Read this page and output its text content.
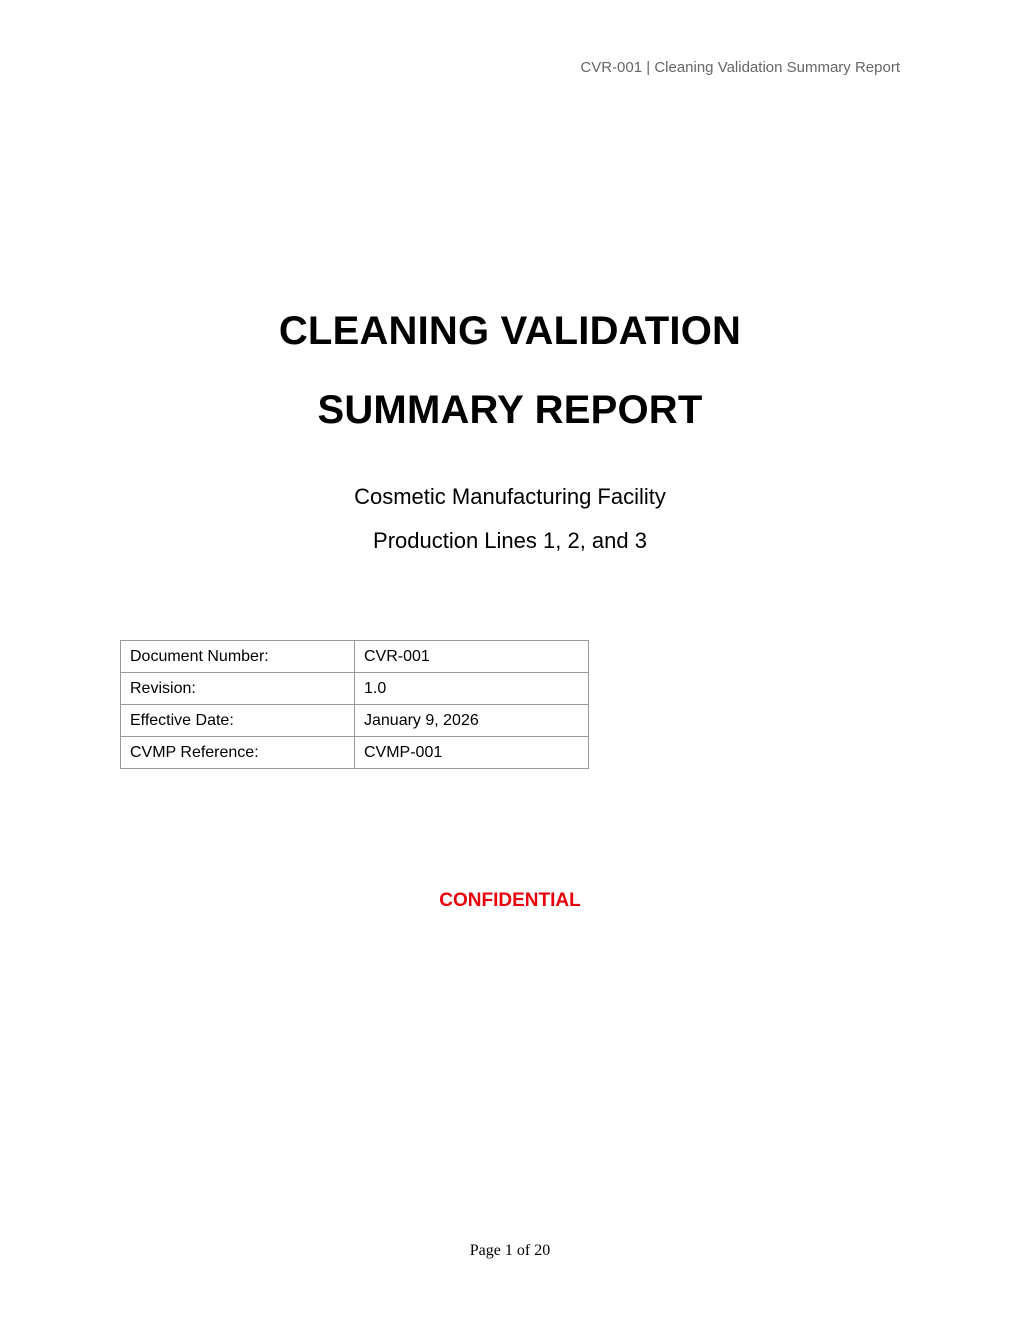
CVR-001 | Cleaning Validation Summary Report
CLEANING VALIDATION
SUMMARY REPORT
Cosmetic Manufacturing Facility
Production Lines 1, 2, and 3
Document Number:	CVR-001
Revision:	1.0
Effective Date:	January 9, 2026
CVMP Reference:	CVMP-001
CONFIDENTIAL
Page 1 of 20
